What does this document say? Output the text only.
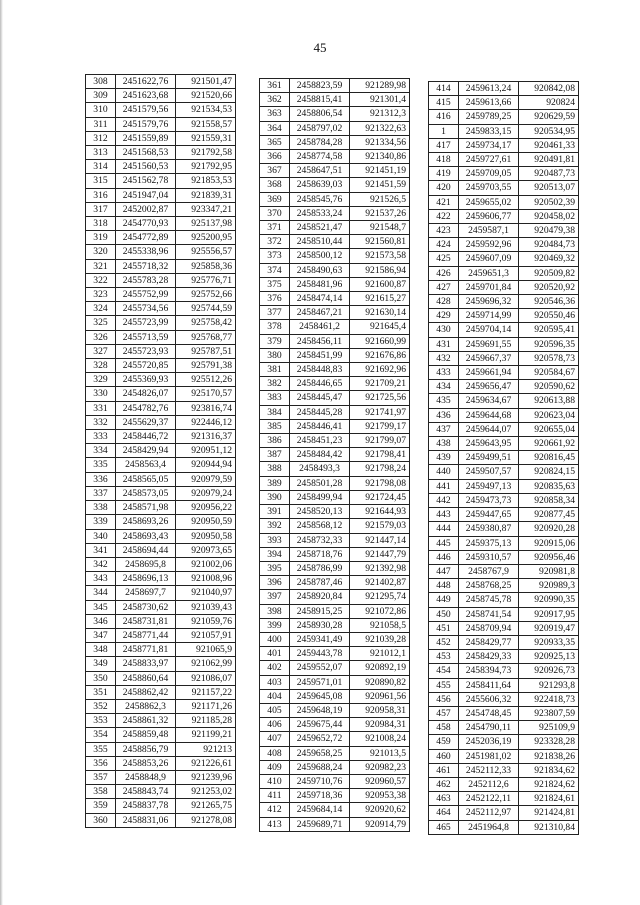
45
308	2451622,76	921501,47
309	2451623,68	921520,66
310	2451579,56	921534,53
311	2451579,76	921558,57
312	2451559,89	921559,31
313	2451568,53	921792,58
314	2451560,53	921792,95
315	2451562,78	921853,53
316	2451947,04	921839,31
317	2452002,87	923347,21
318	2454770,93	925137,98
319	2454772,89	925200,95
320	2455338,96	925556,57
321	2455718,32	925858,36
322	2455783,28	925776,71
323	2455752,99	925752,66
324	2455734,56	925744,59
325	2455723,99	925758,42
326	2455713,59	925768,77
327	2455723,93	925787,51
328	2455720,85	925791,38
329	2455369,93	925512,26
330	2454826,07	925170,57
331	2454782,76	923816,74
332	2455629,37	922446,12
333	2458446,72	921316,37
334	2458429,94	920951,12
335	2458563,4	920944,94
336	2458565,05	920979,59
337	2458573,05	920979,24
338	2458571,98	920956,22
339	2458693,26	920950,59
340	2458693,43	920950,58
341	2458694,44	920973,65
342	2458695,8	921002,06
343	2458696,13	921008,96
344	2458697,7	921040,97
345	2458730,62	921039,43
346	2458731,81	921059,76
347	2458771,44	921057,91
348	2458771,81	921065,9
349	2458833,97	921062,99
350	2458860,64	921086,07
351	2458862,42	921157,22
352	2458862,3	921171,26
353	2458861,32	921185,28
354	2458859,48	921199,21
355	2458856,79	921213
356	2458853,26	921226,61
357	2458848,9	921239,96
358	2458843,74	921253,02
359	2458837,78	921265,75
360	2458831,06	921278,08
361	2458823,59	921289,98
362	2458815,41	921301,4
363	2458806,54	921312,3
364	2458797,02	921322,63
365	2458784,28	921334,56
366	2458774,58	921340,86
367	2458647,51	921451,19
368	2458639,03	921451,59
369	2458545,76	921526,5
370	2458533,24	921537,26
371	2458521,47	921548,7
372	2458510,44	921560,81
373	2458500,12	921573,58
374	2458490,63	921586,94
375	2458481,96	921600,87
376	2458474,14	921615,27
377	2458467,21	921630,14
378	2458461,2	921645,4
379	2458456,11	921660,99
380	2458451,99	921676,86
381	2458448,83	921692,96
382	2458446,65	921709,21
383	2458445,47	921725,56
384	2458445,28	921741,97
385	2458446,41	921799,17
386	2458451,23	921799,07
387	2458484,42	921798,41
388	2458493,3	921798,24
389	2458501,28	921798,08
390	2458499,94	921724,45
391	2458520,13	921644,93
392	2458568,12	921579,03
393	2458732,33	921447,14
394	2458718,76	921447,79
395	2458786,99	921392,98
396	2458787,46	921402,87
397	2458920,84	921295,74
398	2458915,25	921072,86
399	2458930,28	921058,5
400	2459341,49	921039,28
401	2459443,78	921012,1
402	2459552,07	920892,19
403	2459571,01	920890,82
404	2459645,08	920961,56
405	2459648,19	920958,31
406	2459675,44	920984,31
407	2459652,72	921008,24
408	2459658,25	921013,5
409	2459688,24	920982,23
410	2459710,76	920960,57
411	2459718,36	920953,38
412	2459684,14	920920,62
413	2459689,71	920914,79
414	2459613,24	920842,08
415	2459613,66	920824
416	2459789,25	920629,59
1	2459833,15	920534,95
417	2459734,17	920461,33
418	2459727,61	920491,81
419	2459709,05	920487,73
420	2459703,55	920513,07
421	2459655,02	920502,39
422	2459606,77	920458,02
423	2459587,1	920479,38
424	2459592,96	920484,73
425	2459607,09	920469,32
426	2459651,3	920509,82
427	2459701,84	920520,92
428	2459696,32	920546,36
429	2459714,99	920550,46
430	2459704,14	920595,41
431	2459691,55	920596,35
432	2459667,37	920578,73
433	2459661,94	920584,67
434	2459656,47	920590,62
435	2459634,67	920613,88
436	2459644,68	920623,04
437	2459644,07	920655,04
438	2459643,95	920661,92
439	2459499,51	920816,45
440	2459507,57	920824,15
441	2459497,13	920835,63
442	2459473,73	920858,34
443	2459447,65	920877,45
444	2459380,87	920920,28
445	2459375,13	920915,06
446	2459310,57	920956,46
447	2458767,9	920981,8
448	2458768,25	920989,3
449	2458745,78	920990,35
450	2458741,54	920917,95
451	2458709,94	920919,47
452	2458429,77	920933,35
453	2458429,33	920925,13
454	2458394,73	920926,73
455	2458411,64	921293,8
456	2455606,32	922418,73
457	2454748,45	923807,59
458	2454790,11	925109,9
459	2452036,19	923328,28
460	2451981,02	921838,26
461	2452112,33	921834,62
462	2452112,6	921824,62
463	2452122,11	921824,61
464	2452112,97	921424,81
465	2451964,8	921310,84
